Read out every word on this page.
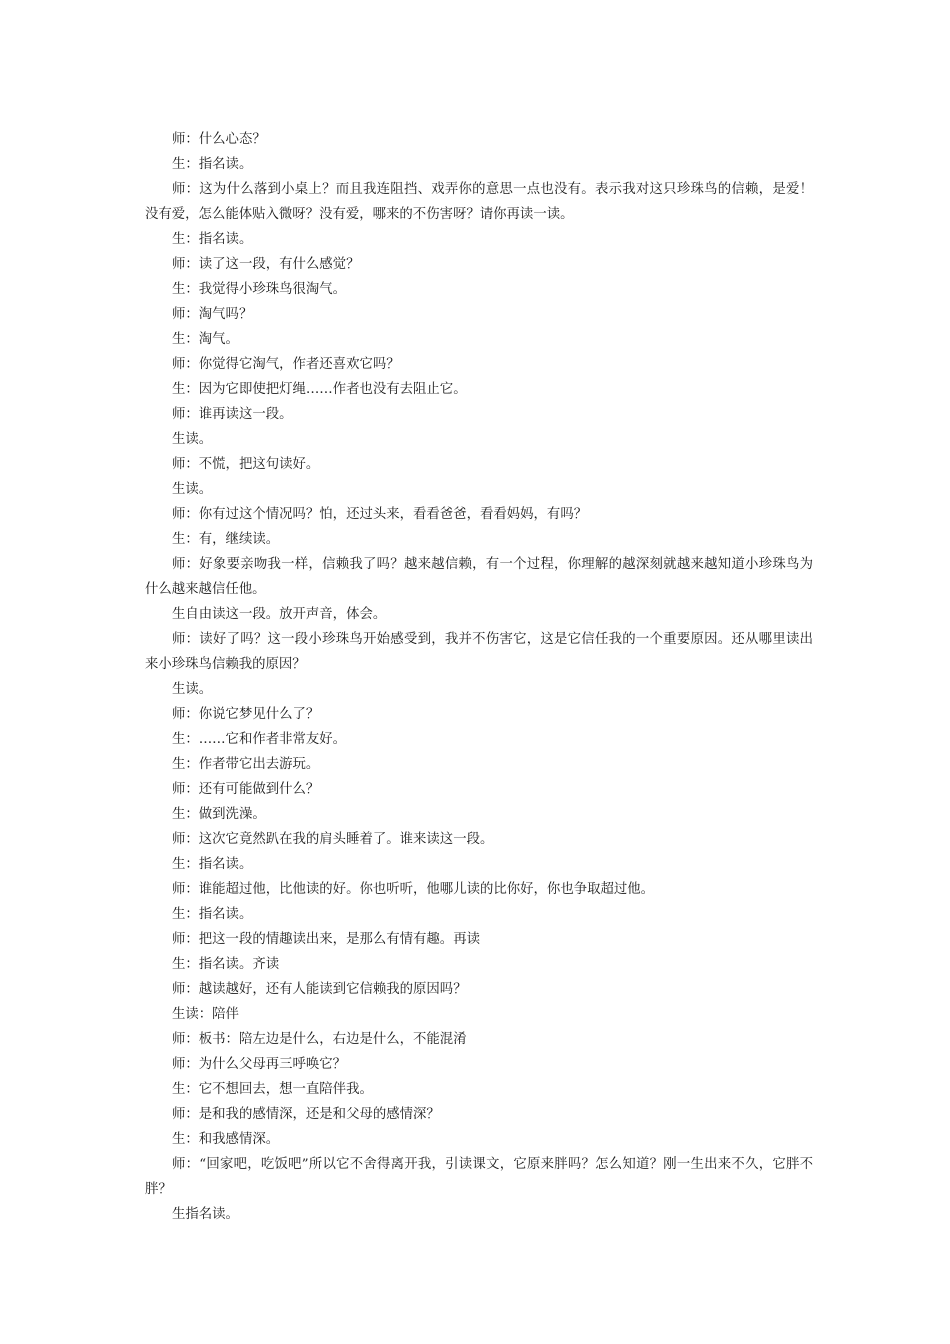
师：什么心态？

生：指名读。

师：这为什么落到小桌上？而且我连阻挡、戏弄你的意思一点也没有。表示我对这只珍珠鸟的信赖，是爱！没有爱，怎么能体贴入微呀？没有爱，哪来的不伤害呀？请你再读一读。

生：指名读。

师：读了这一段，有什么感觉？

生：我觉得小珍珠鸟很淘气。

师：淘气吗？

生：淘气。

师：你觉得它淘气，作者还喜欢它吗？

生：因为它即使把灯绳……作者也没有去阻止它。

师：谁再读这一段。

生读。

师：不慌，把这句读好。

生读。

师：你有过这个情况吗？怕，还过头来，看看爸爸，看看妈妈，有吗？

生：有，继续读。

师：好象要亲吻我一样，信赖我了吗？越来越信赖，有一个过程，你理解的越深刻就越来越知道小珍珠鸟为什么越来越信任他。

生自由读这一段。放开声音，体会。

师：读好了吗？这一段小珍珠鸟开始感受到，我并不伤害它，这是它信任我的一个重要原因。还从哪里读出来小珍珠鸟信赖我的原因？

生读。

师：你说它梦见什么了？

生：……它和作者非常友好。

生：作者带它出去游玩。

师：还有可能做到什么？

生：做到洗澡。

师：这次它竟然趴在我的肩头睡着了。谁来读这一段。

生：指名读。

师：谁能超过他，比他读的好。你也听听，他哪儿读的比你好，你也争取超过他。

生：指名读。

师：把这一段的情趣读出来，是那么有情有趣。再读

生：指名读。齐读

师：越读越好，还有人能读到它信赖我的原因吗？

生读：陪伴

师：板书：陪左边是什么，右边是什么，不能混淆

师：为什么父母再三呼唤它？

生：它不想回去，想一直陪伴我。

师：是和我的感情深，还是和父母的感情深？

生：和我感情深。

师：“回家吧，吃饭吧”所以它不舍得离开我，引读课文，它原来胖吗？怎么知道？刚一生出来不久，它胖不胖？

生指名读。
